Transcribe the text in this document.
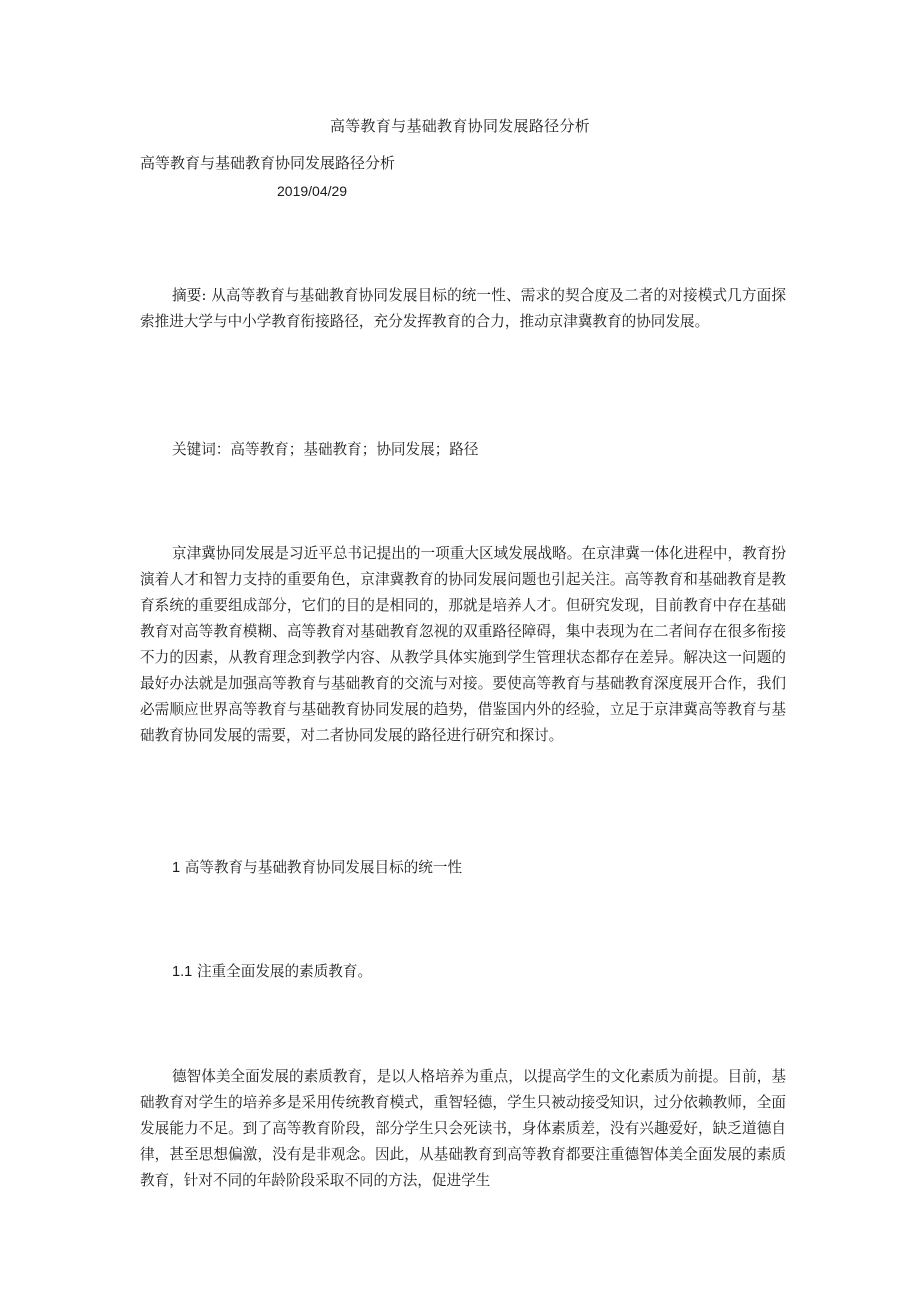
高等教育与基础教育协同发展路径分析
高等教育与基础教育协同发展路径分析
2019/04/29

摘要: 从高等教育与基础教育协同发展目标的统一性、需求的契合度及二者的对接模式几方面探索推进大学与中小学教育衔接路径，充分发挥教育的合力，推动京津冀教育的协同发展。

关键词：高等教育；基础教育；协同发展；路径

京津冀协同发展是习近平总书记提出的一项重大区域发展战略。在京津冀一体化进程中，教育扮演着人才和智力支持的重要角色，京津冀教育的协同发展问题也引起关注。高等教育和基础教育是教育系统的重要组成部分，它们的目的是相同的，那就是培养人才。但研究发现，目前教育中存在基础教育对高等教育模糊、高等教育对基础教育忽视的双重路径障碍，集中表现为在二者间存在很多衔接不力的因素，从教育理念到教学内容、从教学具体实施到学生管理状态都存在差异。解决这一问题的最好办法就是加强高等教育与基础教育的交流与对接。要使高等教育与基础教育深度展开合作，我们必需顺应世界高等教育与基础教育协同发展的趋势，借鉴国内外的经验，立足于京津冀高等教育与基础教育协同发展的需要，对二者协同发展的路径进行研究和探讨。

1 高等教育与基础教育协同发展目标的统一性

1.1 注重全面发展的素质教育。

德智体美全面发展的素质教育，是以人格培养为重点，以提高学生的文化素质为前提。目前，基础教育对学生的培养多是采用传统教育模式，重智轻德，学生只被动接受知识，过分依赖教师，全面发展能力不足。到了高等教育阶段，部分学生只会死读书，身体素质差，没有兴趣爱好，缺乏道德自律，甚至思想偏激，没有是非观念。因此，从基础教育到高等教育都要注重德智体美全面发展的素质教育，针对不同的年龄阶段采取不同的方法，促进学生
